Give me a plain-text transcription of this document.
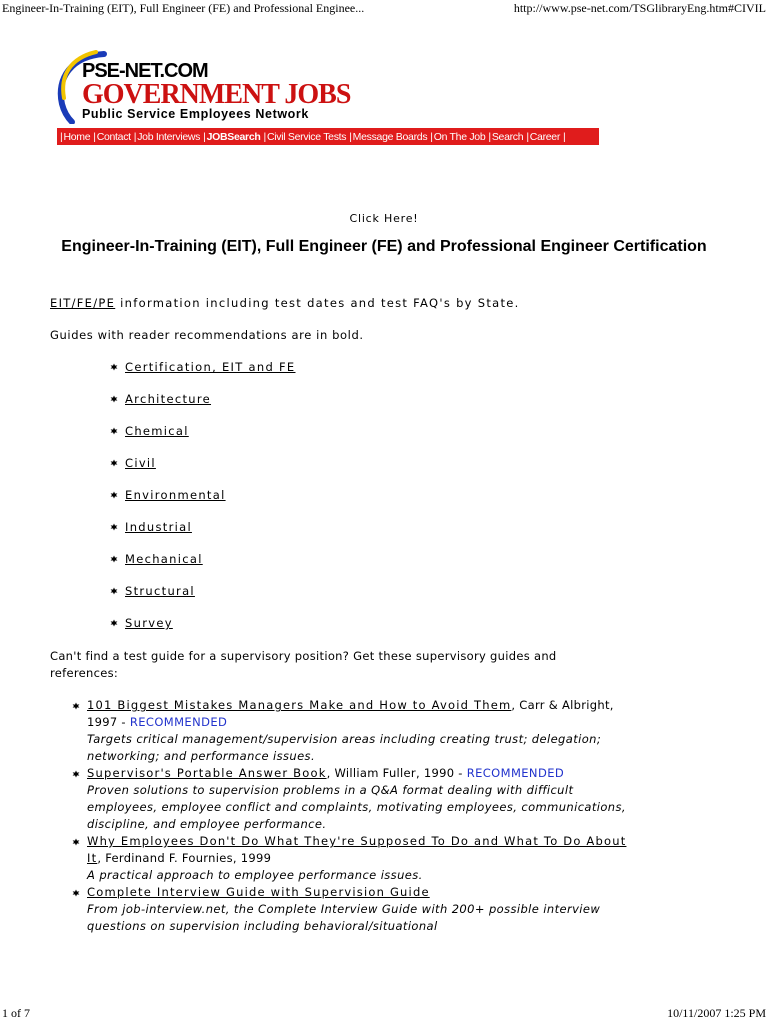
Engineer-In-Training (EIT), Full Engineer (FE) and Professional Enginee...	http://www.pse-net.com/TSGlibraryEng.htm#CIVIL
PSE-NET.COM
GOVERNMENT JOBS
Public Service Employees Network
| Home | Contact | Job Interviews | JOBSearch | Civil Service Tests | Message Boards | On The Job | Search | Career |
Click Here!
Engineer-In-Training (EIT), Full Engineer (FE) and Professional Engineer Certification
EIT/FE/PE information including test dates and test FAQ's by State.
Guides with reader recommendations are in bold.
Certification, EIT and FE
Architecture
Chemical
Civil
Environmental
Industrial
Mechanical
Structural
Survey
Can't find a test guide for a supervisory position? Get these supervisory guides and references:
101 Biggest Mistakes Managers Make and How to Avoid Them, Carr & Albright, 1997 - RECOMMENDED
Targets critical management/supervision areas including creating trust; delegation; networking; and performance issues.
Supervisor's Portable Answer Book, William Fuller, 1990 - RECOMMENDED
Proven solutions to supervision problems in a Q&A format dealing with difficult employees, employee conflict and complaints, motivating employees, communications, discipline, and employee performance.
Why Employees Don't Do What They're Supposed To Do and What To Do About It, Ferdinand F. Fournies, 1999
A practical approach to employee performance issues.
Complete Interview Guide with Supervision Guide
From job-interview.net, the Complete Interview Guide with 200+ possible interview questions on supervision including behavioral/situational
1 of 7	10/11/2007 1:25 PM
